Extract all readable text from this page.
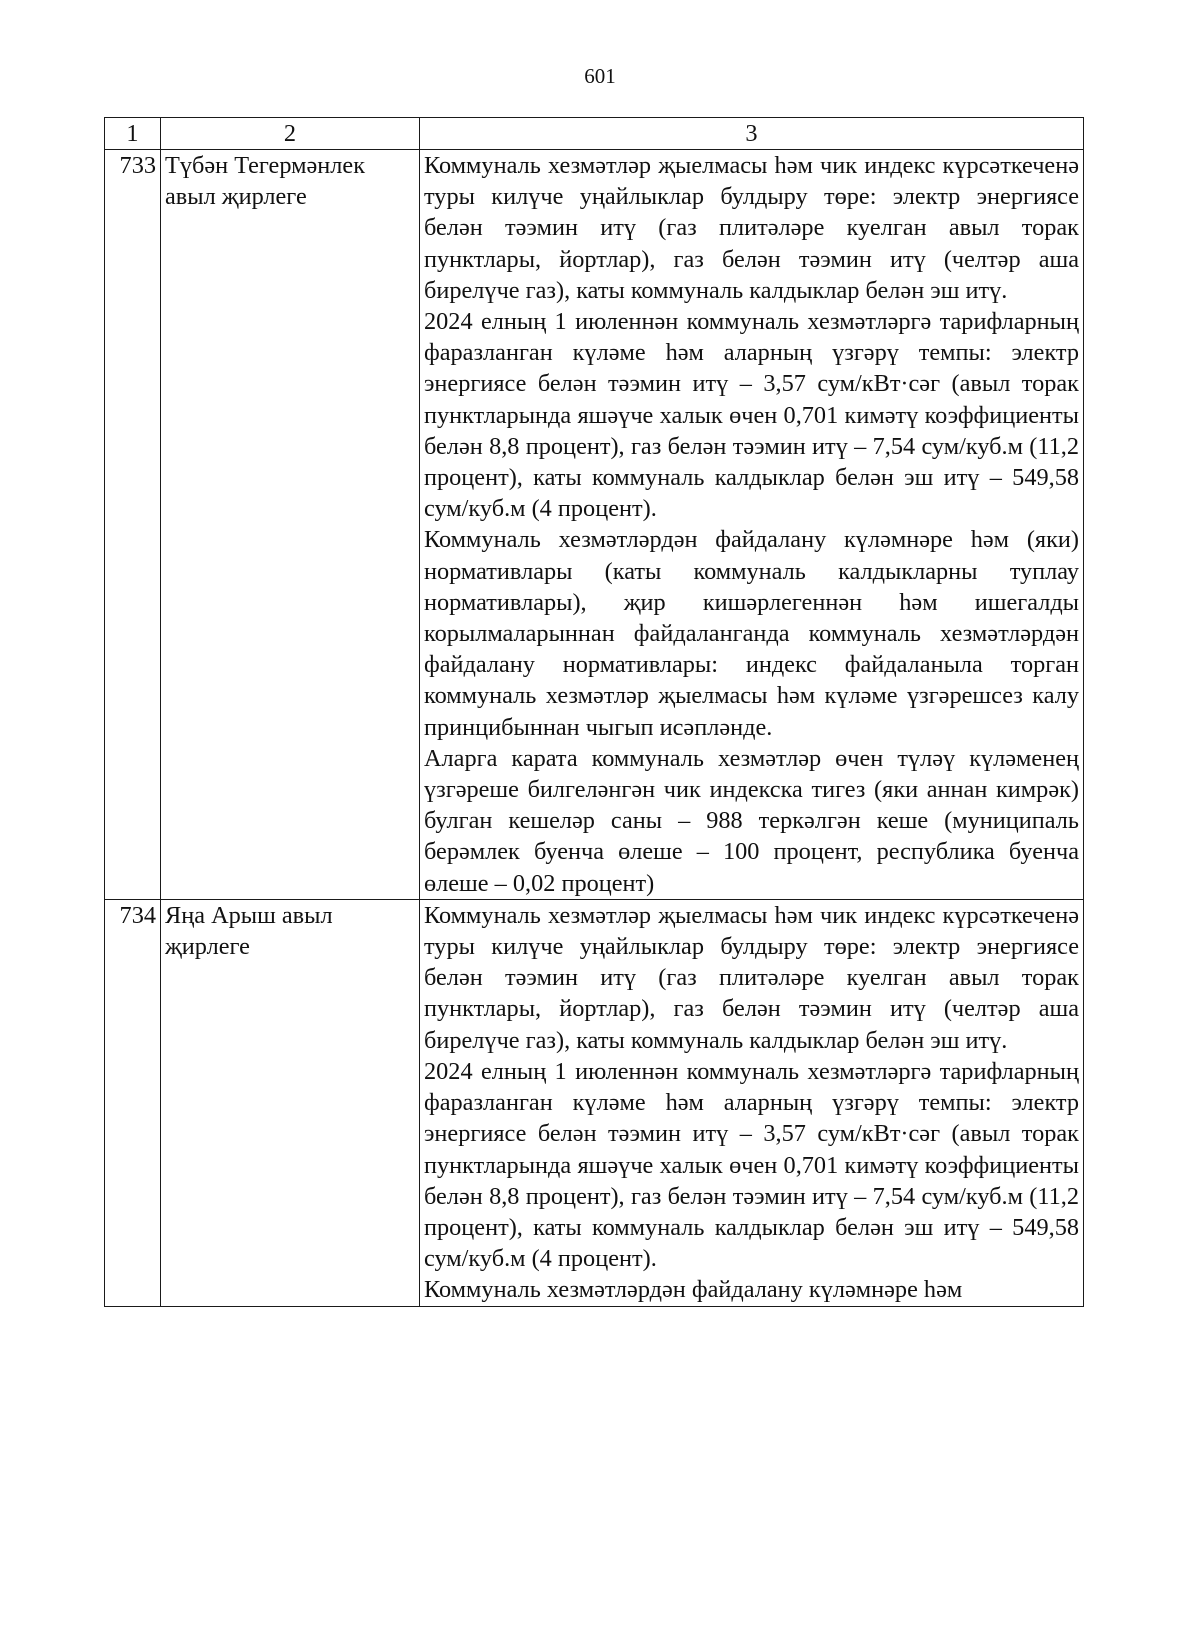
601
1	2	3
733	Түбән Тегермәнлек авыл җирлеге	Коммуналь хезмәтләр җыелмасы һәм чик индекс күрсәткеченә туры килүче уңайлыклар булдыру төре: электр энергиясе белән тәэмин итү (газ плитәләре куелган авыл торак пунктлары, йортлар), газ белән тәэмин итү (челтәр аша бирелүче газ), каты коммуналь калдыклар белән эш итү.

2024 елның 1 июленнән коммуналь хезмәтләргә тарифларның фаразланган күләме һәм аларның үзгәрү темпы: электр энергиясе белән тәэмин итү – 3,57 сум/кВт·сәг (авыл торак пунктларында яшәүче халык өчен 0,701 кимәтү коэффициенты белән 8,8 процент), газ белән тәэмин итү – 7,54 сум/куб.м (11,2 процент), каты коммуналь калдыклар белән эш итү – 549,58 сум/куб.м (4 процент).

Коммуналь хезмәтләрдән файдалану күләмнәре һәм (яки) нормативлары (каты коммуналь калдыкларны туплау нормативлары), җир кишәрлегеннән һәм ишегалды корылмаларыннан файдаланганда коммуналь хезмәтләрдән файдалану нормативлары: индекс файдаланыла торган коммуналь хезмәтләр җыелмасы һәм күләме үзгәрешсез калу принцибыннан чыгып исәпләнде.

Аларга карата коммуналь хезмәтләр өчен түләү күләменең үзгәреше билгеләнгән чик индекска тигез (яки аннан кимрәк) булган кешеләр саны – 988 теркәлгән кеше (муниципаль берәмлек буенча өлеше – 100 процент, республика буенча өлеше – 0,02 процент)

734	Яңа Арыш авыл җирлеге	Коммуналь хезмәтләр җыелмасы һәм чик индекс күрсәткеченә туры килүче уңайлыклар булдыру төре: электр энергиясе белән тәэмин итү (газ плитәләре куелган авыл торак пунктлары, йортлар), газ белән тәэмин итү (челтәр аша бирелүче газ), каты коммуналь калдыклар белән эш итү.

2024 елның 1 июленнән коммуналь хезмәтләргә тарифларның фаразланган күләме һәм аларның үзгәрү темпы: электр энергиясе белән тәэмин итү – 3,57 сум/кВт·сәг (авыл торак пунктларында яшәүче халык өчен 0,701 кимәтү коэффициенты белән 8,8 процент), газ белән тәэмин итү – 7,54 сум/куб.м (11,2 процент), каты коммуналь калдыклар белән эш итү – 549,58 сум/куб.м (4 процент).

Коммуналь хезмәтләрдән файдалану күләмнәре һәм
